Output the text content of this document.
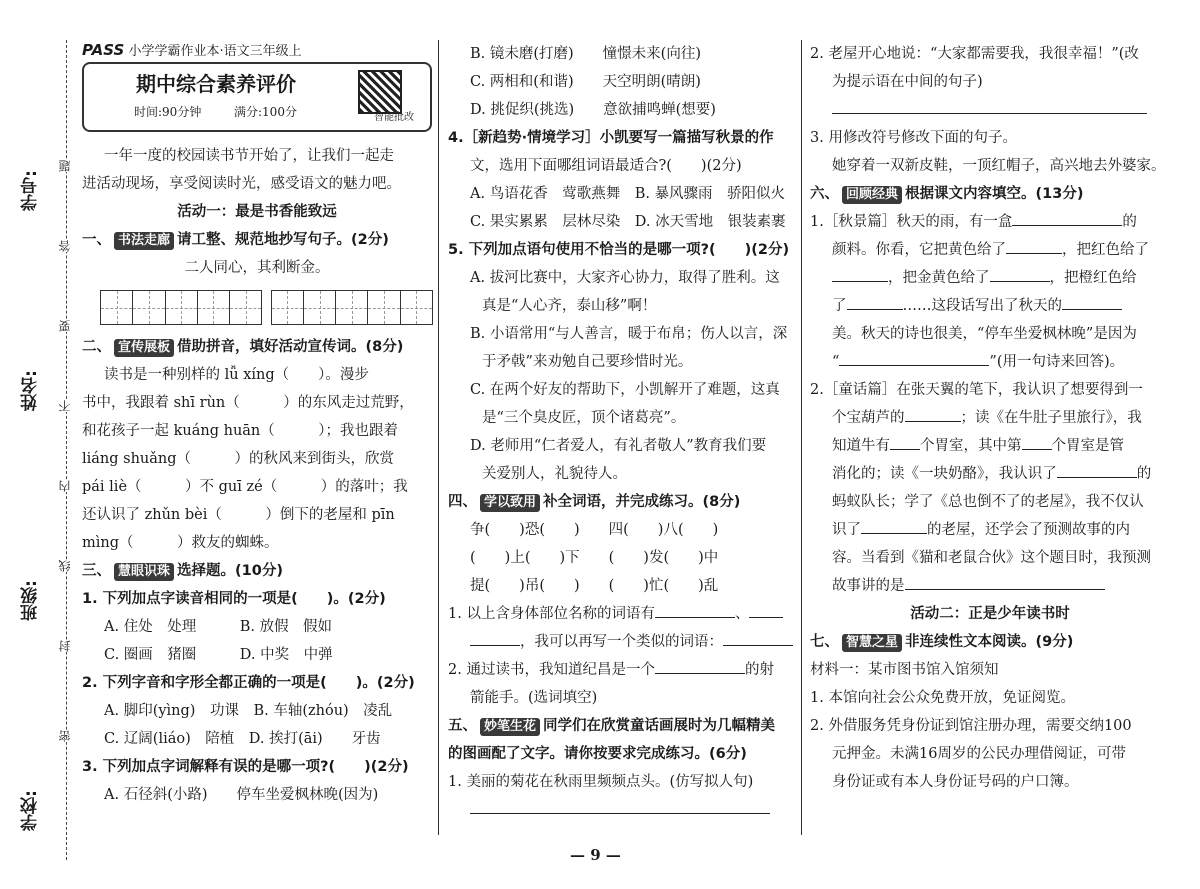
学号:
姓名:
班级:
学校:
题
答
要
不
内
线
封
密
PASS 小学学霸作业本·语文三年级上
期中综合素养评价
时间:90分钟	满分:100分	智能批改
一年一度的校园读书节开始了，让我们一起走
进活动现场，享受阅读时光，感受语文的魅力吧。
活动一：最是书香能致远
一、 书法走廊 请工整、规范地抄写句子。(2分)
二人同心，其利断金。
二、 宣传展板 借助拼音，填好活动宣传词。(8分)
读书是一种别样的 lǚ xíng（　　）。漫步
书中，我跟着 shī rùn（　　　）的东风走过荒野，
和花孩子一起 kuáng huān（　　　）；我也跟着
liáng shuǎng（　　　）的秋风来到街头，欣赏
pái liè（　　　）不 guī zé（　　　）的落叶；我
还认识了 zhǔn bèi（　　　）倒下的老屋和 pīn
mìng（　　　）救友的蜘蛛。
三、 慧眼识珠 选择题。(10分)
1. 下列加点字读音相同的一项是(　　)。(2分)
A. 住处　处理　　　B. 放假　假如
C. 圈画　猪圈　　　D. 中奖　中弹
2. 下列字音和字形全都正确的一项是(　　)。(2分)
A. 脚印(yìng)　功课　B. 车轴(zhóu)　凌乱
C. 辽阔(liáo)　陪植　D. 挨打(āi)　　牙齿
3. 下列加点字词解释有误的是哪一项?(　　)(2分)
A. 石径斜(小路)　　停车坐爱枫林晚(因为)
B. 镜未磨(打磨)　　憧憬未来(向往)
C. 两相和(和谐)　　天空明朗(晴朗)
D. 挑促织(挑选)　　意欲捕鸣蝉(想要)
4.［新趋势·情境学习］小凯要写一篇描写秋景的作
文，选用下面哪组词语最适合?(　　)(2分)
A. 鸟语花香　莺歌燕舞　B. 暴风骤雨　骄阳似火
C. 果实累累　层林尽染　D. 冰天雪地　银装素裹
5. 下列加点语句使用不恰当的是哪一项?(　　)(2分)
A. 拔河比赛中，大家齐心协力，取得了胜利。这
真是“人心齐，泰山移”啊！
B. 小语常用“与人善言，暖于布帛；伤人以言，深
于矛戟”来劝勉自己要珍惜时光。
C. 在两个好友的帮助下，小凯解开了难题，这真
是“三个臭皮匠，顶个诸葛亮”。
D. 老师用“仁者爱人，有礼者敬人”教育我们要
关爱别人，礼貌待人。
四、 学以致用 补全词语，并完成练习。(8分)
争(　　)恐(　　)　　四(　　)八(　　)
(　　)上(　　)下　　(　　)发(　　)中
提(　　)吊(　　)　　(　　)忙(　　)乱
1. 以上含身体部位名称的词语有	、
，我可以再写一个类似的词语：
2. 通过读书，我知道纪昌是一个	的射
箭能手。(选词填空)
五、 妙笔生花 同学们在欣赏童话画展时为几幅精美
的图画配了文字。请你按要求完成练习。(6分)
1. 美丽的菊花在秋雨里频频点头。(仿写拟人句)
2. 老屋开心地说：“大家都需要我，我很幸福！”(改
为提示语在中间的句子)
3. 用修改符号修改下面的句子。
她穿着一双新皮鞋，一顶红帽子，高兴地去外婆家。
六、 回顾经典 根据课文内容填空。(13分)
1.［秋景篇］秋天的雨，有一盒	的
颜料。你看，它把黄色给了	，把红色给了
，把金黄色给了	，把橙红色给
了	……这段话写出了秋天的
美。秋天的诗也很美，“停车坐爱枫林晚”是因为
“	”(用一句诗来回答)。
2.［童话篇］在张天翼的笔下，我认识了想要得到一
个宝葫芦的	；读《在牛肚子里旅行》，我
知道牛有 个胃室，其中第 个胃室是管
消化的；读《一块奶酪》，我认识了	的
蚂蚁队长；学了《总也倒不了的老屋》，我不仅认
识了	的老屋，还学会了预测故事的内
容。当看到《猫和老鼠合伙》这个题目时，我预测
故事讲的是
活动二：正是少年读书时
七、 智慧之星 非连续性文本阅读。(9分)
材料一：某市图书馆入馆须知
1. 本馆向社会公众免费开放，免证阅览。
2. 外借服务凭身份证到馆注册办理，需要交纳100
元押金。未满16周岁的公民办理借阅证，可带
身份证或有本人身份证号码的户口簿。
— 9 —
